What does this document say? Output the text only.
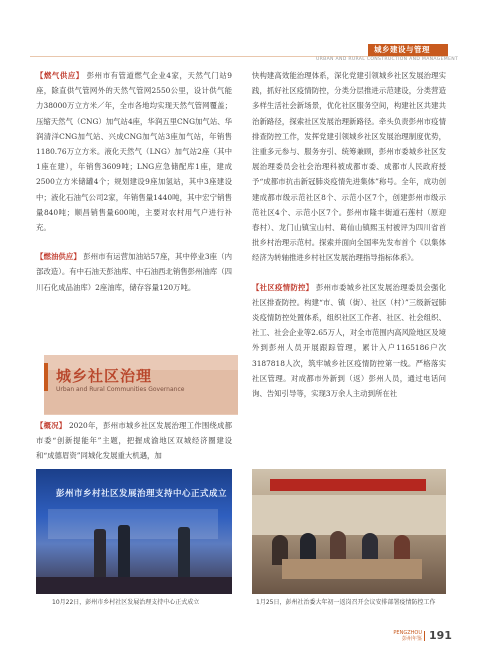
城乡建设与管理
URBAN AND RURAL CONSTRUCTION AND MANAGEMENT

【燃气供应】 彭州市有管道燃气企业4家，天然气门站9座，除直供气管网外的天然气管网2550公里，设计供气能力38000万立方米／年，全市各地均实现天然气管网覆盖；压缩天然气（CNG）加气站4座，华润五里CNG加气站、华润清洋CNG加气站、兴成CNG加气站3座加气站，年销售1180.76万立方米。液化天然气（LNG）加气站2座（其中1座在建），年销售3609吨；LNG应急储配库1座，建成2500立方米储罐4个；规划建设9座加氢站，其中3座建设中；液化石油气公司2家，年销售量1440吨，其中宏宁销售量840吨；顺昌销售量600吨，主要对农村用气户进行补充。

【燃油供应】 彭州市有运营加油站57座，其中停业3座（内部改造）。有中石油天彭油库、中石油西北销售彭州油库（四川石化成品油库）2座油库，储存容量120万吨。

城乡社区治理
Urban and Rural Communities Governance

【概况】 2020年，彭州市城乡社区发展治理工作围绕成都市委“创新提能年”主题，把握成渝地区双城经济圈建设和“成德眉资”同城化发展重大机遇，加

快构建高效能治理体系，深化党建引领城乡社区发展治理实践，抓好社区疫情防控，分类分层推进示范建设，分类营造多样生活社会新场景，优化社区服务空间，构建社区共建共治新路径，探索社区发展治理新路径。牵头负责彭州市疫情排查防控工作，发挥党建引领城乡社区发展治理制度优势，注重多元参与、服务夯引、统筹兼顾，彭州市委城乡社区发展治理委员会社会治理科被成都市委、成都市人民政府授予“成都市抗击新冠肺炎疫情先进集体”称号。全年，成功创建成都市级示范社区8个、示范小区7个，创建彭州市级示范社区4个、示范小区7个。彭州市隆丰街道石莲村（原迎春村）、龙门山镇宝山村、葛仙山镇熙玉村被评为四川省首批乡村治理示范村。探索并面向全国率先发布首个《以集体经济为转轴推进乡村社区发展治理指导指标体系》。

【社区疫情防控】 彭州市委城乡社区发展治理委员会强化社区排查防控。构建“市、镇（街）、社区（村）”三级新冠肺炎疫情防控处置体系，组织社区工作者、社区、社会组织、社工、社会企业等2.65万人，对全市范围内高风险地区及境外到彭州人员开展跟踪管理，累计入户1165186户次3187818人次，筑牢城乡社区疫情防控第一线。严格落实社区管理。对成都市外新到（返）彭州人员，通过电话问询、告知引导等，实现3万余人主动到所在社

彭州市乡村社区发展治理支持中心正式成立
10月22日，彭州市乡村社区发展治理支持中心正式成立	1月25日，彭州社治委大年初一返岗召开会议安排部署疫情防控工作
PENGZHOU
彭州年鉴 191
